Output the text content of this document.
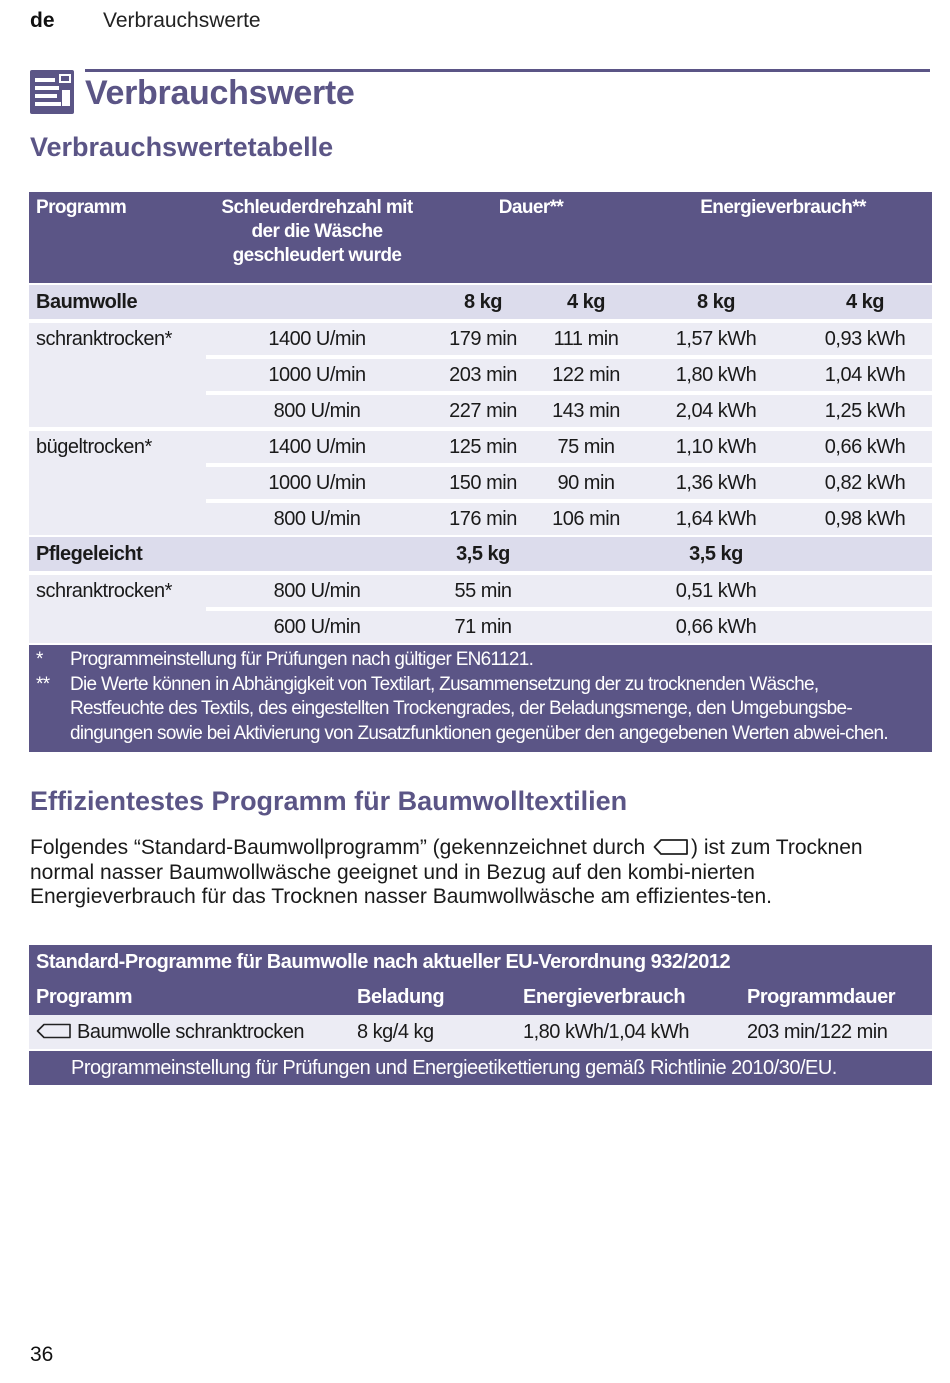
de Verbrauchswerte
Verbrauchswerte
Verbrauchswertetabelle
Programm	Schleuderdrehzahl mit
der die Wäsche
geschleudert wurde	Dauer**		Energieverbrauch**	
Baumwolle		8 kg	4 kg	8 kg	4 kg
schranktrocken*	1400 U/min	179 min	111 min	1,57 kWh	0,93 kWh
	1000 U/min	203 min	122 min	1,80 kWh	1,04 kWh
	800 U/min	227 min	143 min	2,04 kWh	1,25 kWh
bügeltrocken*	1400 U/min	125 min	75 min	1,10 kWh	0,66 kWh
	1000 U/min	150 min	90 min	1,36 kWh	0,82 kWh
	800 U/min	176 min	106 min	1,64 kWh	0,98 kWh
Pflegeleicht		3,5 kg		3,5 kg	
schranktrocken*	800 U/min	55 min		0,51 kWh	
	600 U/min	71 min		0,66 kWh	

* Programmeinstellung für Prüfungen nach gültiger EN61121.
** Die Werte können in Abhängigkeit von Textilart, Zusammensetzung der zu trocknenden Wäsche, Restfeuchte des Textils, des eingestellten Trockengrades, der Beladungsmenge, den Umgebungsbe-dingungen sowie bei Aktivierung von Zusatzfunktionen gegenüber den angegebenen Werten abwei-chen.					
Effizientestes Programm für Baumwolltextilien
Folgendes “Standard-Baumwollprogramm” (gekennzeichnet durch ) ist zum Trocknen normal nasser Baumwollwäsche geeignet und in Bezug auf den kombi-nierten Energieverbrauch für das Trocknen nasser Baumwollwäsche am effizientes-ten.
Standard-Programme für Baumwolle nach aktueller EU-Verordnung 932/2012			
Programm	Beladung	Energieverbrauch	Programmdauer
Baumwolle schranktrocken	8 kg/4 kg	1,80 kWh/1,04 kWh	203 min/122 min
Programmeinstellung für Prüfungen und Energieetikettierung gemäß Richtlinie 2010/30/EU.			
36
